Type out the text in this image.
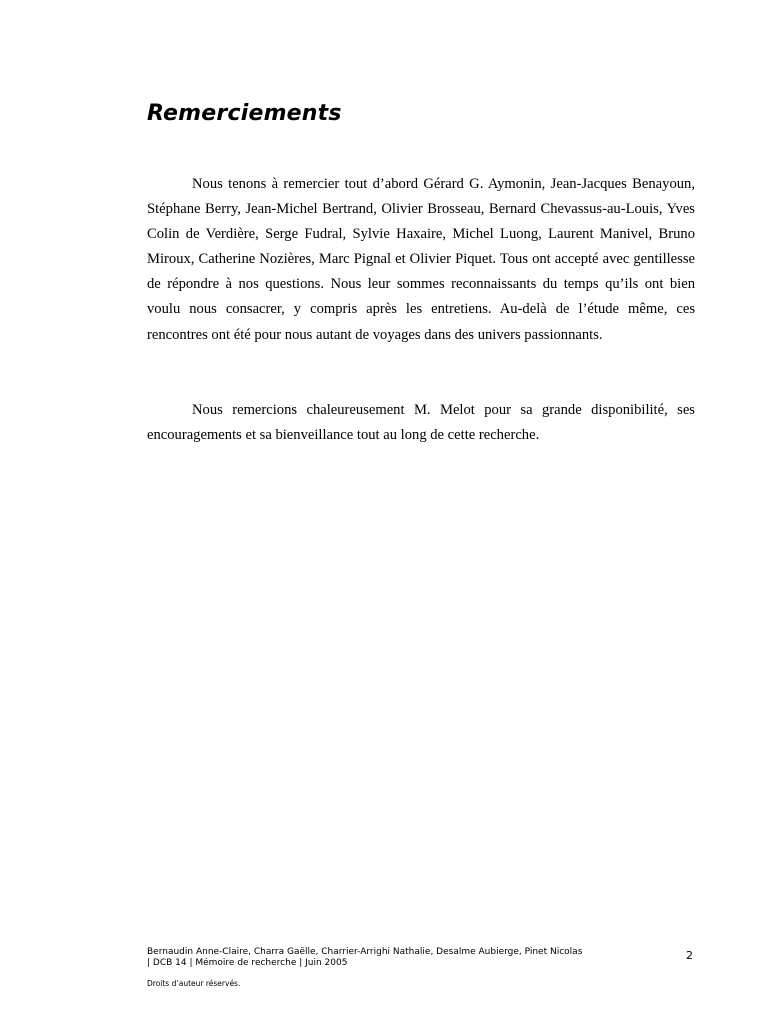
Remerciements

Nous tenons à remercier tout d’abord Gérard G. Aymonin, Jean-Jacques Benayoun, Stéphane Berry, Jean-Michel Bertrand, Olivier Brosseau, Bernard Chevassus-au-Louis, Yves Colin de Verdière, Serge Fudral, Sylvie Haxaire, Michel Luong, Laurent Manivel, Bruno Miroux, Catherine Nozières, Marc Pignal et Olivier Piquet. Tous ont accepté avec gentillesse de répondre à nos questions. Nous leur sommes reconnaissants du temps qu’ils ont bien voulu nous consacrer, y compris après les entretiens. Au-delà de l’étude même, ces rencontres ont été pour nous autant de voyages dans des univers passionnants.

Nous remercions chaleureusement M. Melot pour sa grande disponibilité, ses encouragements et sa bienveillance tout au long de cette recherche.

Bernaudin Anne-Claire, Charra Gaëlle, Charrier-Arrighi Nathalie, Desalme Aubierge, Pinet Nicolas
| DCB 14 | Mémoire de recherche | Juin 2005
2
Droits d’auteur réservés.
